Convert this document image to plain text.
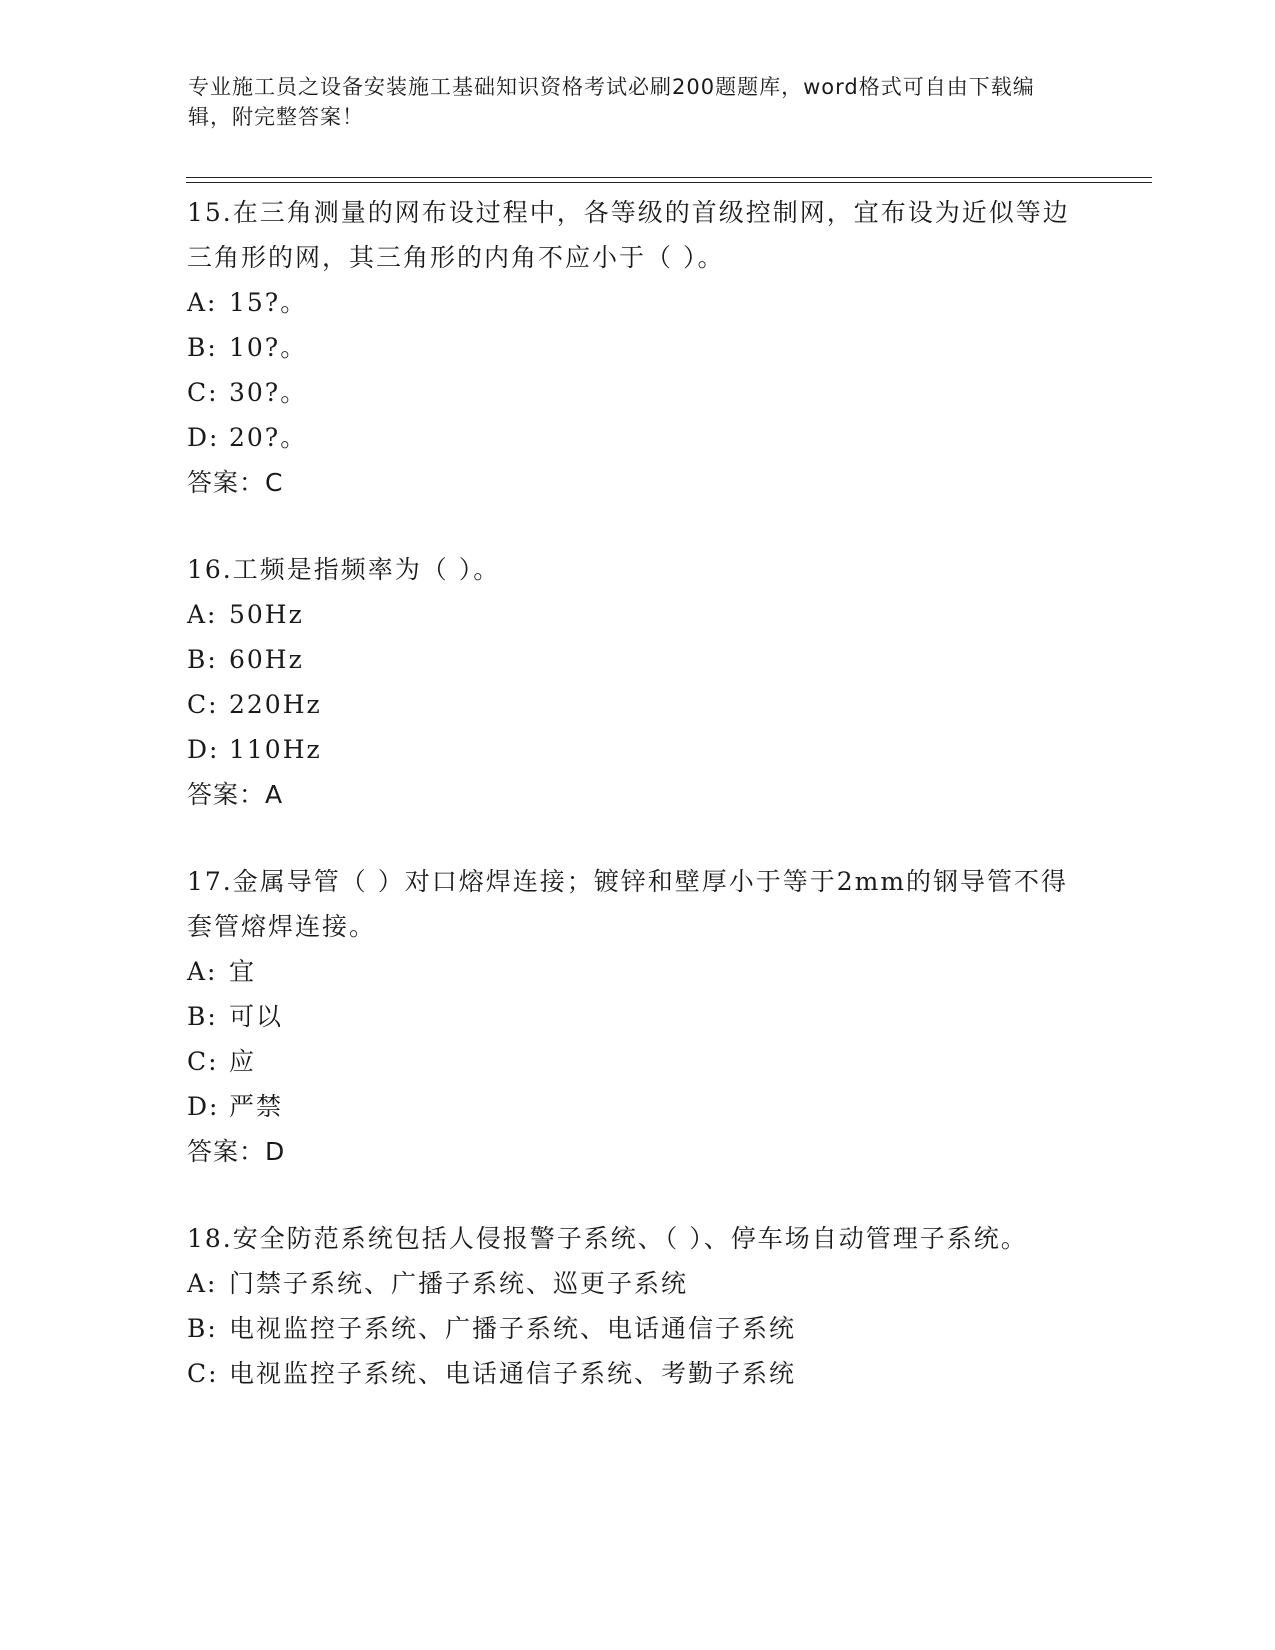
专业施工员之设备安装施工基础知识资格考试必刷200题题库，word格式可自由下载编辑，附完整答案！

15.在三角测量的网布设过程中，各等级的首级控制网，宜布设为近似等边三角形的网，其三角形的内角不应小于（ ）。

A: 15?。

B: 10?。

C: 30?。

D: 20?。

答案：C

16.工频是指频率为（ ）。

A: 50Hz

B: 60Hz

C: 220Hz

D: 110Hz

答案：A

17.金属导管（ ）对口熔焊连接；镀锌和壁厚小于等于2mm的钢导管不得套管熔焊连接。

A: 宜

B: 可以

C: 应

D: 严禁

答案：D

18.安全防范系统包括人侵报警子系统、（ ）、停车场自动管理子系统。

A: 门禁子系统、广播子系统、巡更子系统

B: 电视监控子系统、广播子系统、电话通信子系统

C: 电视监控子系统、电话通信子系统、考勤子系统
